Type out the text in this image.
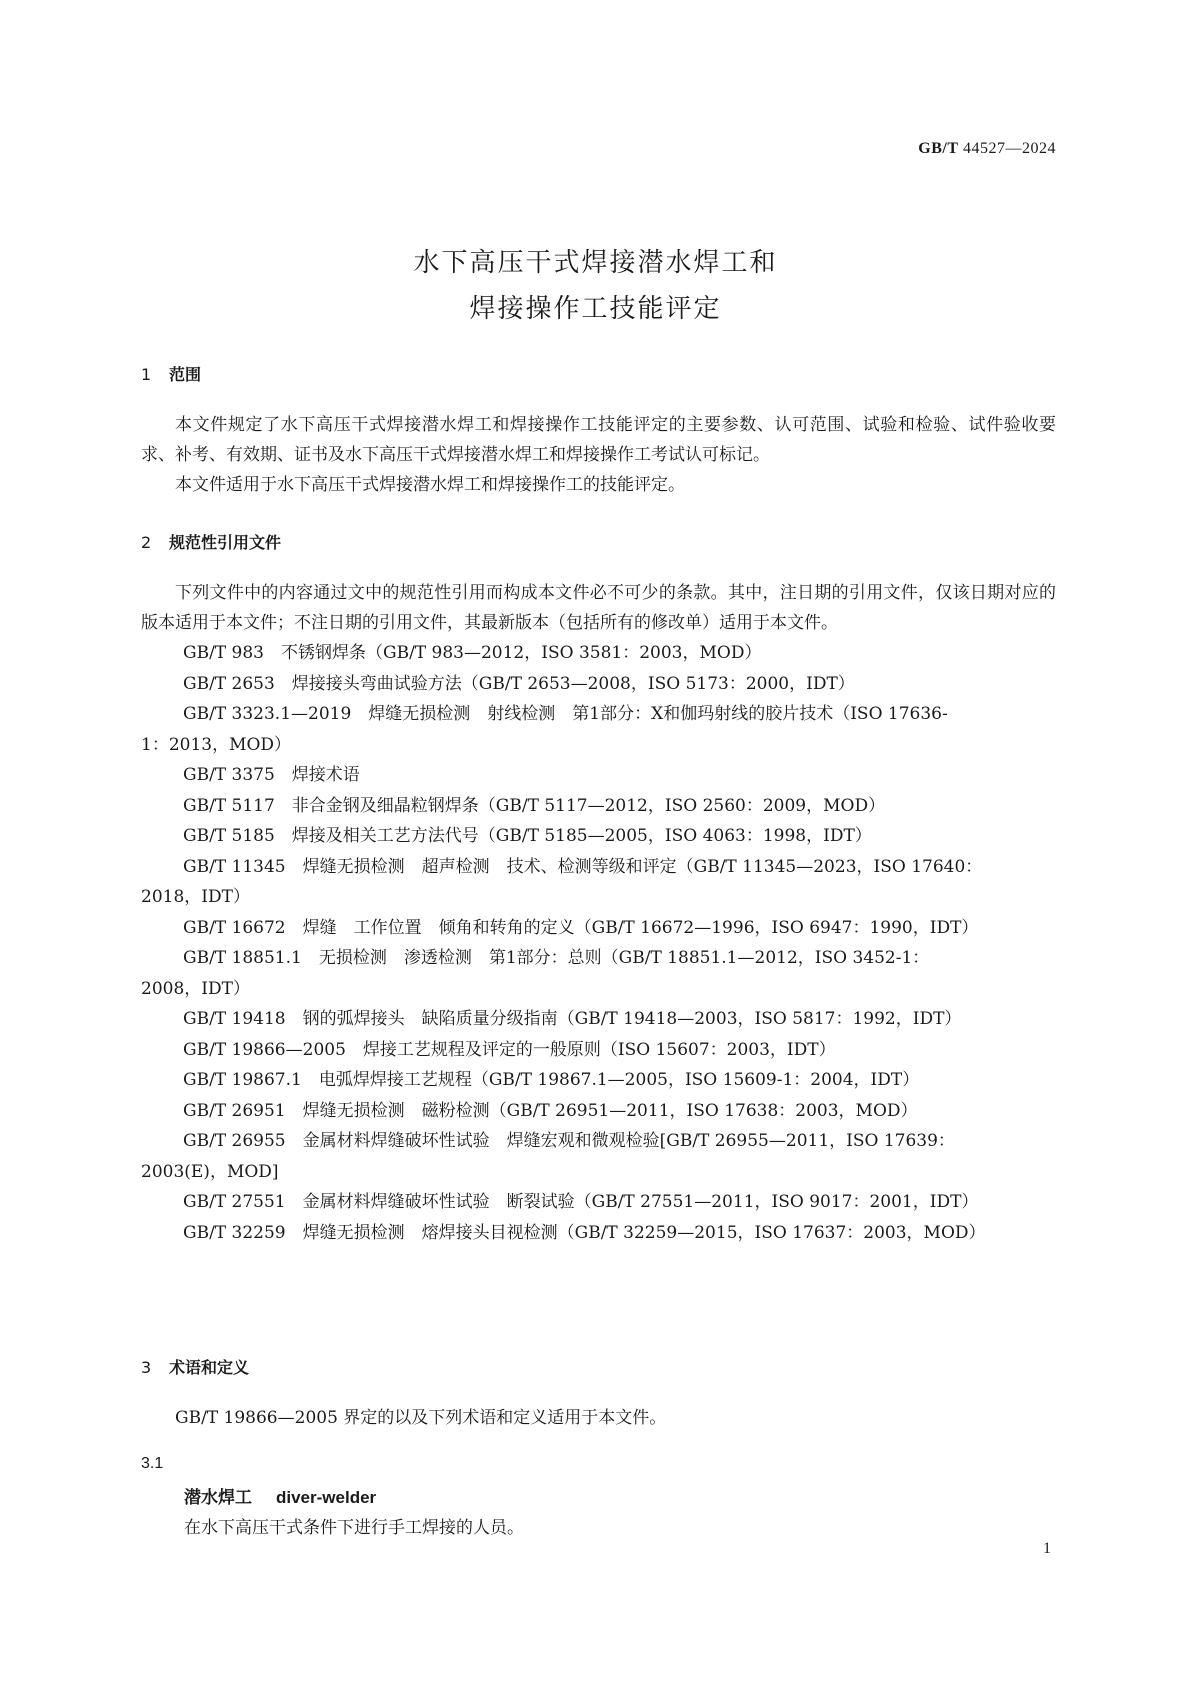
GB/T 44527—2024
水下高压干式焊接潜水焊工和
焊接操作工技能评定
1 范围

本文件规定了水下高压干式焊接潜水焊工和焊接操作工技能评定的主要参数、认可范围、试验和检验、试件验收要求、补考、有效期、证书及水下高压干式焊接潜水焊工和焊接操作工考试认可标记。

本文件适用于水下高压干式焊接潜水焊工和焊接操作工的技能评定。

2 规范性引用文件

下列文件中的内容通过文中的规范性引用而构成本文件必不可少的条款。其中，注日期的引用文件，仅该日期对应的版本适用于本文件；不注日期的引用文件，其最新版本（包括所有的修改单）适用于本文件。

GB/T 983　不锈钢焊条（GB/T 983—2012，ISO 3581：2003，MOD）

GB/T 2653　焊接接头弯曲试验方法（GB/T 2653—2008，ISO 5173：2000，IDT）

GB/T 3323.1—2019　焊缝无损检测　射线检测　第1部分：X和伽玛射线的胶片技术（ISO 17636-
1：2013，MOD）

GB/T 3375　焊接术语

GB/T 5117　非合金钢及细晶粒钢焊条（GB/T 5117—2012，ISO 2560：2009，MOD）

GB/T 5185　焊接及相关工艺方法代号（GB/T 5185—2005，ISO 4063：1998，IDT）

GB/T 11345　焊缝无损检测　超声检测　技术、检测等级和评定（GB/T 11345—2023，ISO 17640：
2018，IDT）

GB/T 16672　焊缝　工作位置　倾角和转角的定义（GB/T 16672—1996，ISO 6947：1990，IDT）

GB/T 18851.1　无损检测　渗透检测　第1部分：总则（GB/T 18851.1—2012，ISO 3452-1：
2008，IDT）

GB/T 19418　钢的弧焊接头　缺陷质量分级指南（GB/T 19418—2003，ISO 5817：1992，IDT）

GB/T 19866—2005　焊接工艺规程及评定的一般原则（ISO 15607：2003，IDT）

GB/T 19867.1　电弧焊焊接工艺规程（GB/T 19867.1—2005，ISO 15609-1：2004，IDT）

GB/T 26951　焊缝无损检测　磁粉检测（GB/T 26951—2011，ISO 17638：2003，MOD）

GB/T 26955　金属材料焊缝破坏性试验　焊缝宏观和微观检验[GB/T 26955—2011，ISO 17639：
2003(E)，MOD]

GB/T 27551　金属材料焊缝破坏性试验　断裂试验（GB/T 27551—2011，ISO 9017：2001，IDT）

GB/T 32259　焊缝无损检测　熔焊接头目视检测（GB/T 32259—2015，ISO 17637：2003，MOD）

3 术语和定义

GB/T 19866—2005 界定的以及下列术语和定义适用于本文件。

3.1
潜水焊工 diver-welder
在水下高压干式条件下进行手工焊接的人员。
1
